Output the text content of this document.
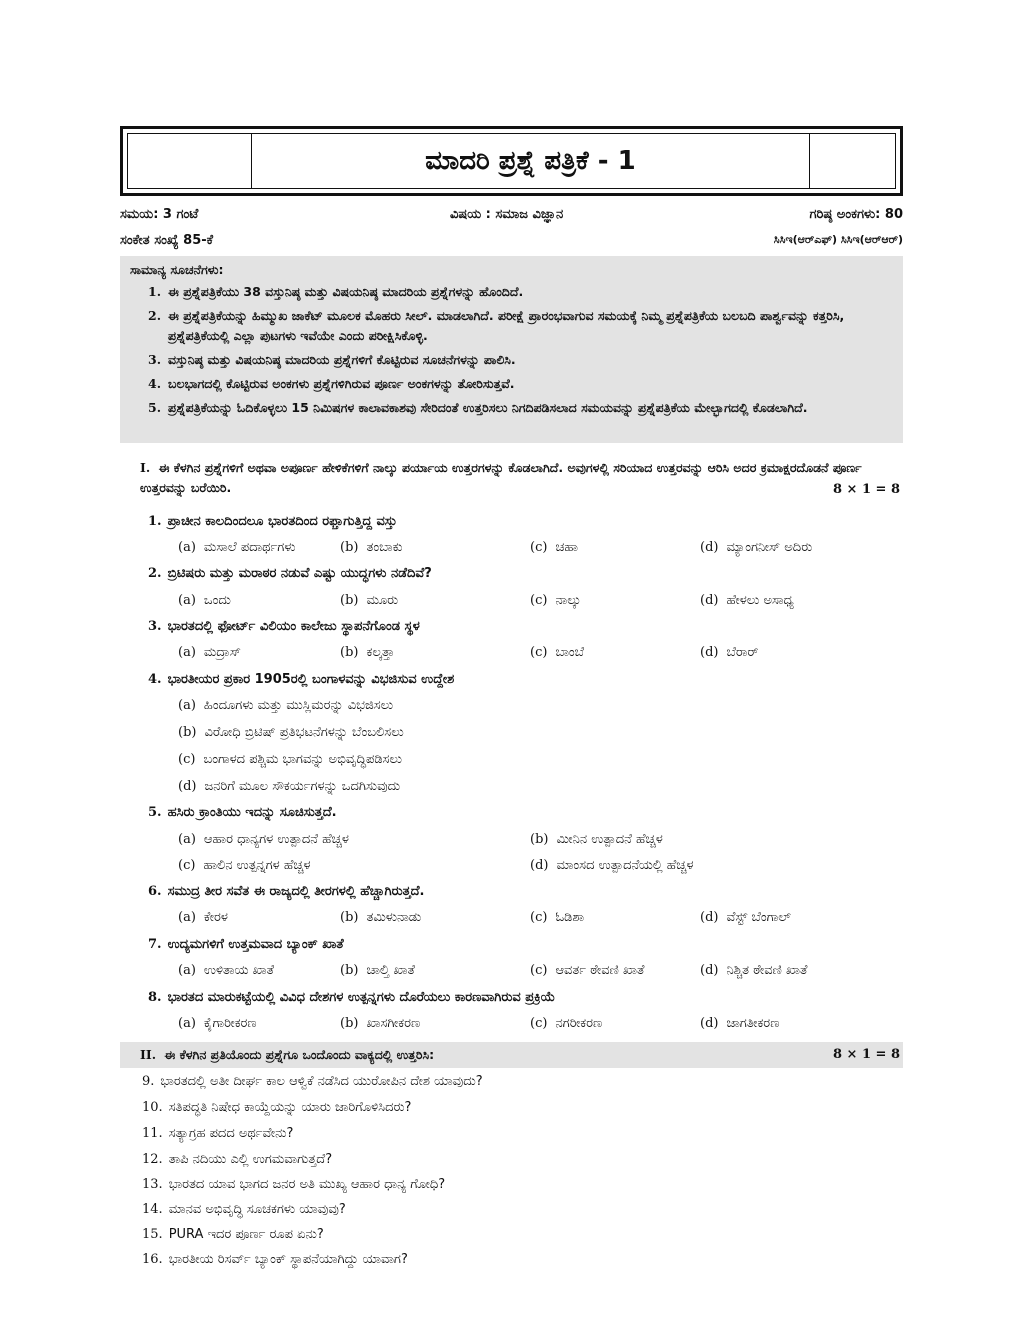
ಮಾದರಿ ಪ್ರಶ್ನೆ ಪತ್ರಿಕೆ - 1
ಸಮಯ: 3 ಗಂಟೆ	ವಿಷಯ : ಸಮಾಜ ವಿಜ್ಞಾನ	ಗರಿಷ್ಠ ಅಂಕಗಳು: 80
ಸಂಕೇತ ಸಂಖ್ಯೆ 85-ಕೆ	ಸಿಸಿಇ(ಆರ್‌ಎಫ್) ಸಿಸಿಇ(ಆರ್‌ಆರ್)
ಸಾಮಾನ್ಯ ಸೂಚನೆಗಳು:
1. ಈ ಪ್ರಶ್ನೆಪತ್ರಿಕೆಯು 38 ವಸ್ತುನಿಷ್ಠ ಮತ್ತು ವಿಷಯನಿಷ್ಠ ಮಾದರಿಯ ಪ್ರಶ್ನೆಗಳನ್ನು ಹೊಂದಿದೆ.
2. ಈ ಪ್ರಶ್ನೆಪತ್ರಿಕೆಯನ್ನು ಹಿಮ್ಮುಖ ಜಾಕೆಟ್ ಮೂಲಕ ಮೊಹರು ಸೀಲ್. ಮಾಡಲಾಗಿದೆ. ಪರೀಕ್ಷೆ ಪ್ರಾರಂಭವಾಗುವ ಸಮಯಕ್ಕೆ ನಿಮ್ಮ ಪ್ರಶ್ನೆಪತ್ರಿಕೆಯ ಬಲಬದಿ ಪಾರ್ಶ್ವವನ್ನು ಕತ್ತರಿಸಿ, ಪ್ರಶ್ನೆಪತ್ರಿಕೆಯಲ್ಲಿ ಎಲ್ಲಾ ಪುಟಗಳು ಇವೆಯೇ ಎಂದು ಪರೀಕ್ಷಿಸಿಕೊಳ್ಳಿ.
3. ವಸ್ತುನಿಷ್ಠ ಮತ್ತು ವಿಷಯನಿಷ್ಠ ಮಾದರಿಯ ಪ್ರಶ್ನೆಗಳಿಗೆ ಕೊಟ್ಟಿರುವ ಸೂಚನೆಗಳನ್ನು ಪಾಲಿಸಿ.
4. ಬಲಭಾಗದಲ್ಲಿ ಕೊಟ್ಟಿರುವ ಅಂಕಗಳು ಪ್ರಶ್ನೆಗಳಿಗಿರುವ ಪೂರ್ಣ ಅಂಕಗಳನ್ನು ತೋರಿಸುತ್ತವೆ.
5. ಪ್ರಶ್ನೆಪತ್ರಿಕೆಯನ್ನು ಓದಿಕೊಳ್ಳಲು 15 ನಿಮಿಷಗಳ ಕಾಲಾವಕಾಶವು ಸೇರಿದಂತೆ ಉತ್ತರಿಸಲು ನಿಗದಿಪಡಿಸಲಾದ ಸಮಯವನ್ನು ಪ್ರಶ್ನೆಪತ್ರಿಕೆಯ ಮೇಲ್ಭಾಗದಲ್ಲಿ ಕೊಡಲಾಗಿದೆ.
I. ಈ ಕೆಳಗಿನ ಪ್ರಶ್ನೆಗಳಿಗೆ ಅಥವಾ ಅಪೂರ್ಣ ಹೇಳಿಕೆಗಳಿಗೆ ನಾಲ್ಕು ಪರ್ಯಾಯ ಉತ್ತರಗಳನ್ನು ಕೊಡಲಾಗಿದೆ. ಅವುಗಳಲ್ಲಿ ಸರಿಯಾದ ಉತ್ತರವನ್ನು ಆರಿಸಿ ಅದರ ಕ್ರಮಾಕ್ಷರದೊಡನೆ ಪೂರ್ಣ ಉತ್ತರವನ್ನು ಬರೆಯಿರಿ.	8 × 1 = 8
1. ಪ್ರಾಚೀನ ಕಾಲದಿಂದಲೂ ಭಾರತದಿಂದ ರಫ್ತಾಗುತ್ತಿದ್ದ ವಸ್ತು
(a) ಮಸಾಲೆ ಪದಾರ್ಥಗಳು	(b) ತಂಬಾಕು	(c) ಚಹಾ	(d) ಮ್ಯಾಂಗನೀಸ್ ಅದಿರು
2. ಬ್ರಿಟಿಷರು ಮತ್ತು ಮರಾಠರ ನಡುವೆ ಎಷ್ಟು ಯುದ್ಧಗಳು ನಡೆದಿವೆ?
(a) ಒಂದು	(b) ಮೂರು	(c) ನಾಲ್ಕು	(d) ಹೇಳಲು ಅಸಾಧ್ಯ
3. ಭಾರತದಲ್ಲಿ ಫೋರ್ಟ್ ವಿಲಿಯಂ ಕಾಲೇಜು ಸ್ಥಾಪನೆಗೊಂಡ ಸ್ಥಳ
(a) ಮದ್ರಾಸ್	(b) ಕಲ್ಕತ್ತಾ	(c) ಬಾಂಬೆ	(d) ಬೆರಾರ್
4. ಭಾರತೀಯರ ಪ್ರಕಾರ 1905ರಲ್ಲಿ ಬಂಗಾಳವನ್ನು ವಿಭಜಿಸುವ ಉದ್ದೇಶ
(a) ಹಿಂದೂಗಳು ಮತ್ತು ಮುಸ್ಲಿಮರನ್ನು ವಿಭಜಿಸಲು
(b) ವಿರೋಧಿ ಬ್ರಿಟಿಷ್ ಪ್ರತಿಭಟನೆಗಳನ್ನು ಬೆಂಬಲಿಸಲು
(c) ಬಂಗಾಳದ ಪಶ್ಚಿಮ ಭಾಗವನ್ನು ಅಭಿವೃದ್ಧಿಪಡಿಸಲು
(d) ಜನರಿಗೆ ಮೂಲ ಸೌಕರ್ಯಗಳನ್ನು ಒದಗಿಸುವುದು
5. ಹಸಿರು ಕ್ರಾಂತಿಯು ಇದನ್ನು ಸೂಚಿಸುತ್ತದೆ.
(a) ಆಹಾರ ಧಾನ್ಯಗಳ ಉತ್ಪಾದನೆ ಹೆಚ್ಚಳ	(b) ಮೀನಿನ ಉತ್ಪಾದನೆ ಹೆಚ್ಚಳ
(c) ಹಾಲಿನ ಉತ್ಪನ್ನಗಳ ಹೆಚ್ಚಳ	(d) ಮಾಂಸದ ಉತ್ಪಾದನೆಯಲ್ಲಿ ಹೆಚ್ಚಳ
6. ಸಮುದ್ರ ತೀರ ಸವೆತ ಈ ರಾಜ್ಯದಲ್ಲಿ ತೀರಗಳಲ್ಲಿ ಹೆಚ್ಚಾಗಿರುತ್ತದೆ.
(a) ಕೇರಳ	(b) ತಮಿಳುನಾಡು	(c) ಓಡಿಶಾ	(d) ವೆಸ್ಟ್ ಬೆಂಗಾಲ್
7. ಉದ್ಯಮಗಳಿಗೆ ಉತ್ತಮವಾದ ಬ್ಯಾಂಕ್ ಖಾತೆ
(a) ಉಳಿತಾಯ ಖಾತೆ	(b) ಚಾಲ್ತಿ ಖಾತೆ	(c) ಆವರ್ತ ಠೇವಣಿ ಖಾತೆ	(d) ನಿಶ್ಚಿತ ಠೇವಣಿ ಖಾತೆ
8. ಭಾರತದ ಮಾರುಕಟ್ಟೆಯಲ್ಲಿ ವಿವಿಧ ದೇಶಗಳ ಉತ್ಪನ್ನಗಳು ದೊರೆಯಲು ಕಾರಣವಾಗಿರುವ ಪ್ರಕ್ರಿಯೆ
(a) ಕೈಗಾರೀಕರಣ	(b) ಖಾಸಗೀಕರಣ	(c) ನಗರೀಕರಣ	(d) ಜಾಗತೀಕರಣ
II. ಈ ಕೆಳಗಿನ ಪ್ರತಿಯೊಂದು ಪ್ರಶ್ನೆಗೂ ಒಂದೊಂದು ವಾಕ್ಯದಲ್ಲಿ ಉತ್ತರಿಸಿ:	8 × 1 = 8
9. ಭಾರತದಲ್ಲಿ ಅತೀ ದೀರ್ಘ ಕಾಲ ಆಳ್ವಿಕೆ ನಡೆಸಿದ ಯುರೋಪಿನ ದೇಶ ಯಾವುದು?
10. ಸತಿಪದ್ಧತಿ ನಿಷೇಧ ಕಾಯ್ದೆಯನ್ನು ಯಾರು ಜಾರಿಗೊಳಿಸಿದರು?
11. ಸತ್ಯಾಗ್ರಹ ಪದದ ಅರ್ಥವೇನು?
12. ತಾಪಿ ನದಿಯು ಎಲ್ಲಿ ಉಗಮವಾಗುತ್ತದೆ?
13. ಭಾರತದ ಯಾವ ಭಾಗದ ಜನರ ಅತಿ ಮುಖ್ಯ ಆಹಾರ ಧಾನ್ಯ ಗೋಧಿ?
14. ಮಾನವ ಅಭಿವೃದ್ಧಿ ಸೂಚಕಗಳು ಯಾವುವು?
15. PURA ಇದರ ಪೂರ್ಣ ರೂಪ ಏನು?
16. ಭಾರತೀಯ ರಿಸರ್ವ್ ಬ್ಯಾಂಕ್ ಸ್ಥಾಪನೆಯಾಗಿದ್ದು ಯಾವಾಗ?
